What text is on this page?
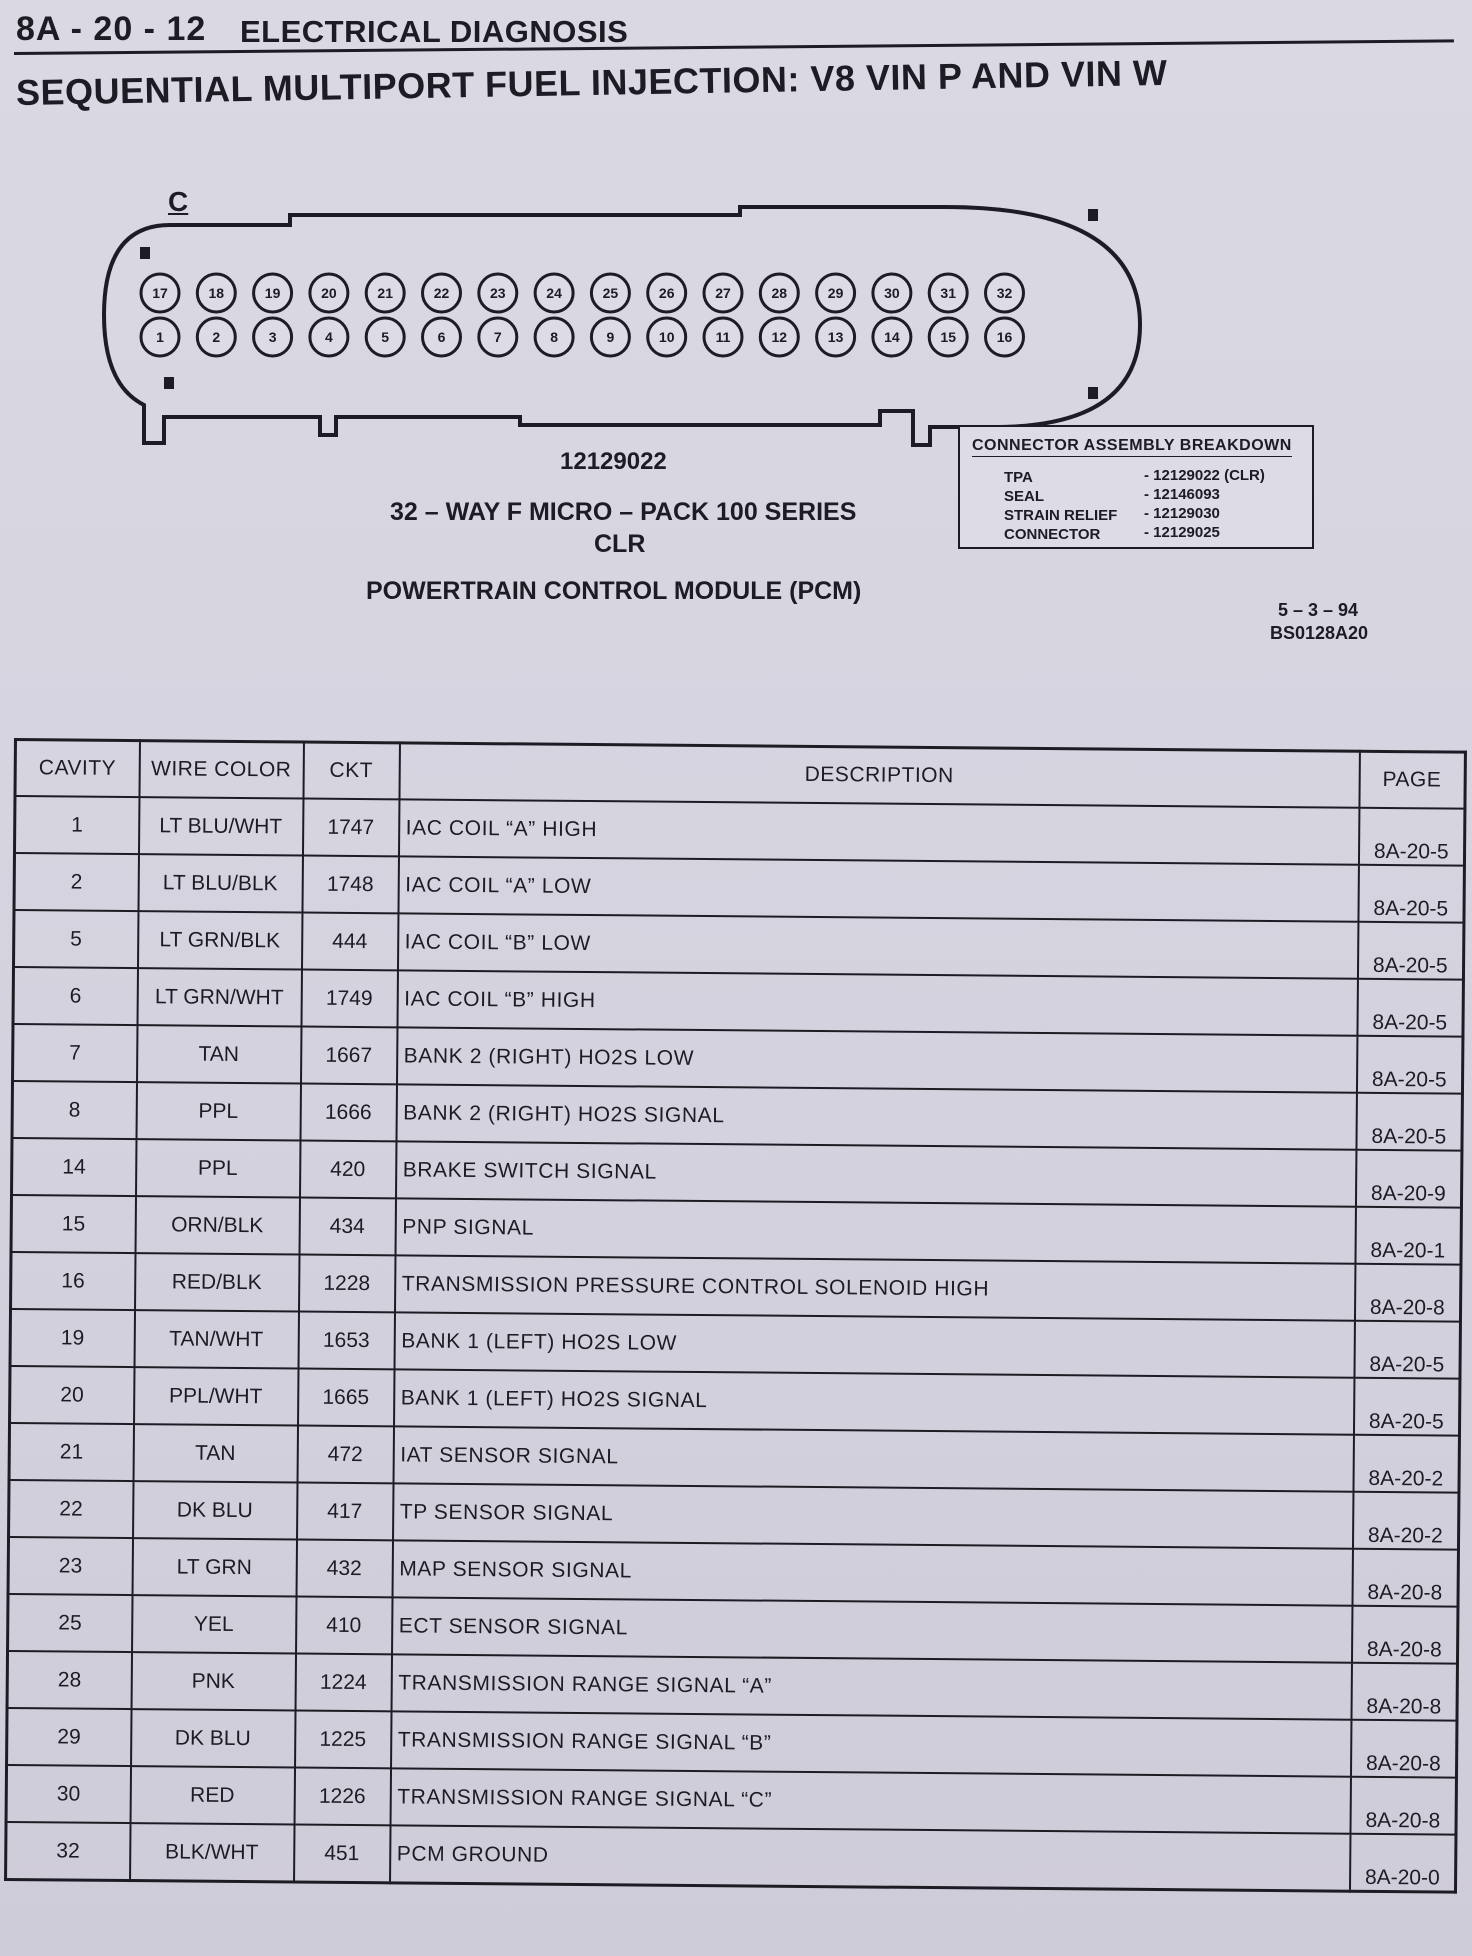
8A - 20 - 12 ELECTRICAL DIAGNOSIS
SEQUENTIAL MULTIPORT FUEL INJECTION: V8 VIN P AND VIN W
C
17	18	19	20	21	22	23	24	25	26	27	28	29	30	31	32
1	2	3	4	5	6	7	8	9	10	11	12	13	14	15	16
12129022
32 – WAY F MICRO – PACK 100 SERIES
CLR
POWERTRAIN CONTROL MODULE (PCM)
CONNECTOR ASSEMBLY BREAKDOWN
TPA	- 12129022 (CLR)
SEAL	- 12146093
STRAIN RELIEF - 12129030
CONNECTOR	- 12129025
5 – 3 – 94
BS0128A20
CAVITY	WIRE COLOR	CKT	DESCRIPTION	PAGE
1	LT BLU/WHT	1747	IAC COIL “A” HIGH	8A-20-5
2	LT BLU/BLK	1748	IAC COIL “A” LOW	8A-20-5
5	LT GRN/BLK	444	IAC COIL “B” LOW	8A-20-5
6	LT GRN/WHT	1749	IAC COIL “B” HIGH	8A-20-5
7	TAN	1667	BANK 2 (RIGHT) HO2S LOW	8A-20-5
8	PPL	1666	BANK 2 (RIGHT) HO2S SIGNAL	8A-20-5
14	PPL	420	BRAKE SWITCH SIGNAL	8A-20-9
15	ORN/BLK	434	PNP SIGNAL	8A-20-1
16	RED/BLK	1228	TRANSMISSION PRESSURE CONTROL SOLENOID HIGH	8A-20-8
19	TAN/WHT	1653	BANK 1 (LEFT) HO2S LOW	8A-20-5
20	PPL/WHT	1665	BANK 1 (LEFT) HO2S SIGNAL	8A-20-5
21	TAN	472	IAT SENSOR SIGNAL	8A-20-2
22	DK BLU	417	TP SENSOR SIGNAL	8A-20-2
23	LT GRN	432	MAP SENSOR SIGNAL	8A-20-8
25	YEL	410	ECT SENSOR SIGNAL	8A-20-8
28	PNK	1224	TRANSMISSION RANGE SIGNAL “A”	8A-20-8
29	DK BLU	1225	TRANSMISSION RANGE SIGNAL “B”	8A-20-8
30	RED	1226	TRANSMISSION RANGE SIGNAL “C”	8A-20-8
32	BLK/WHT	451	PCM GROUND	8A-20-0
